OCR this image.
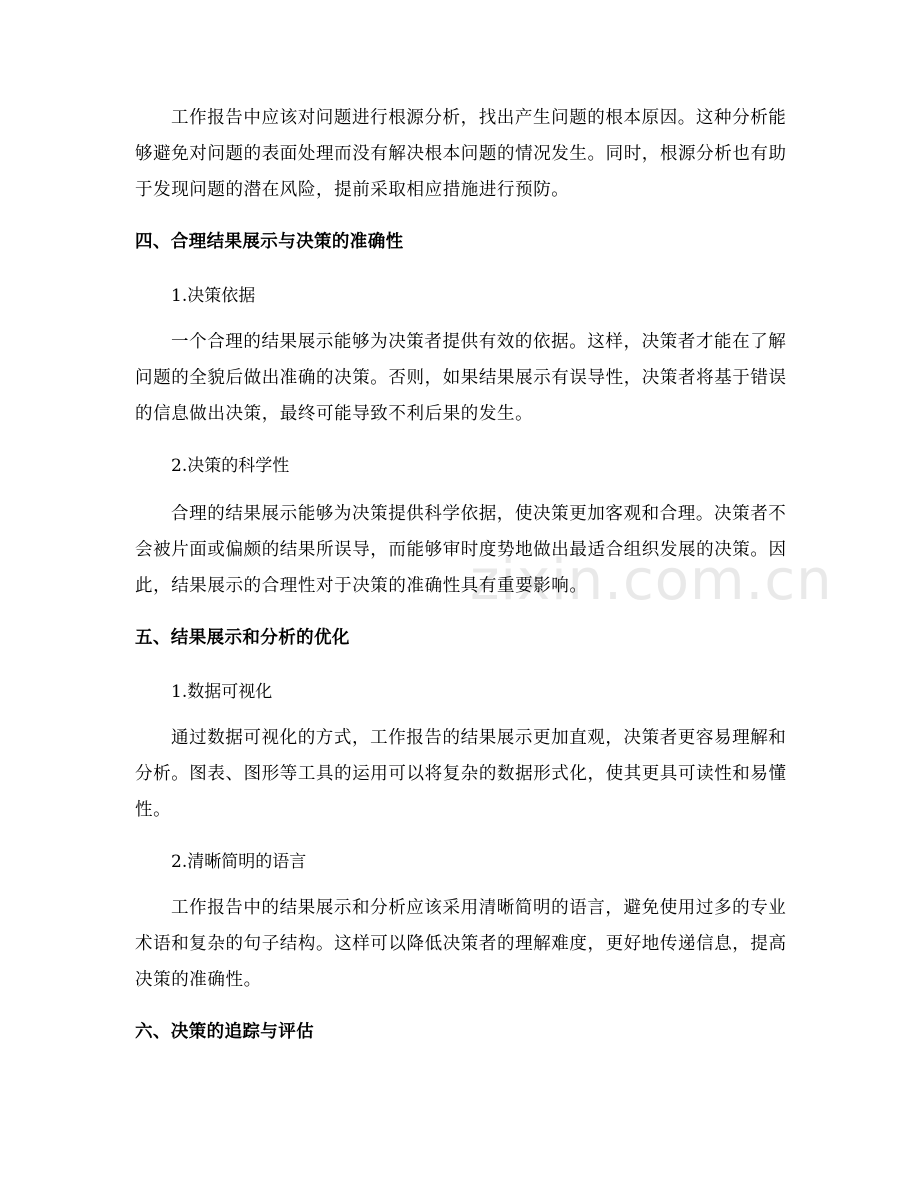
zixin.com.cn
工作报告中应该对问题进行根源分析，找出产生问题的根本原因。这种分析能
够避免对问题的表面处理而没有解决根本问题的情况发生。同时，根源分析也有助
于发现问题的潜在风险，提前采取相应措施进行预防。
四、合理结果展示与决策的准确性
1.决策依据
一个合理的结果展示能够为决策者提供有效的依据。这样，决策者才能在了解
问题的全貌后做出准确的决策。否则，如果结果展示有误导性，决策者将基于错误
的信息做出决策，最终可能导致不利后果的发生。
2.决策的科学性
合理的结果展示能够为决策提供科学依据，使决策更加客观和合理。决策者不
会被片面或偏颇的结果所误导，而能够审时度势地做出最适合组织发展的决策。因
此，结果展示的合理性对于决策的准确性具有重要影响。
五、结果展示和分析的优化
1.数据可视化
通过数据可视化的方式，工作报告的结果展示更加直观，决策者更容易理解和
分析。图表、图形等工具的运用可以将复杂的数据形式化，使其更具可读性和易懂
性。
2.清晰简明的语言
工作报告中的结果展示和分析应该采用清晰简明的语言，避免使用过多的专业
术语和复杂的句子结构。这样可以降低决策者的理解难度，更好地传递信息，提高
决策的准确性。
六、决策的追踪与评估
